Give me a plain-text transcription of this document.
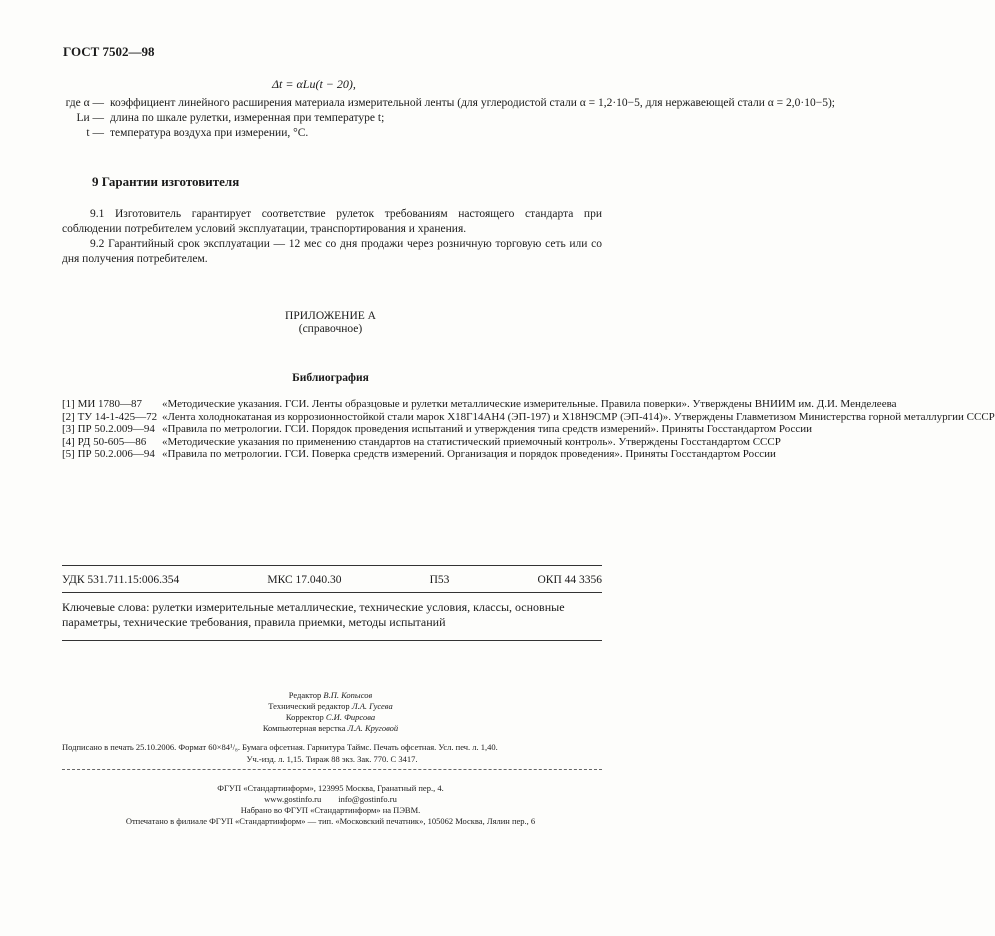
ГОСТ 7502—98
Δt = αLи(t − 20),
где α — коэффициент линейного расширения материала измерительной ленты (для углеродистой стали α = 1,2·10−5, для нержавеющей стали α = 2,0·10−5);
Lи — длина по шкале рулетки, измеренная при температуре t;
t — температура воздуха при измерении, °С.
9 Гарантии изготовителя
9.1 Изготовитель гарантирует соответствие рулеток требованиям настоящего стандарта при соблюдении потребителем условий эксплуатации, транспортирования и хранения.
9.2 Гарантийный срок эксплуатации — 12 мес со дня продажи через розничную торговую сеть или со дня получения потребителем.
ПРИЛОЖЕНИЕ А
(справочное)
Библиография
[1] МИ 1780—87	«Методические указания. ГСИ. Ленты образцовые и рулетки металлические измерительные. Правила поверки». Утверждены ВНИИМ им. Д.И. Менделеева
[2] ТУ 14-1-425—72 «Лента холоднокатаная из коррозионностойкой стали марок Х18Г14АН4 (ЭП-197) и Х18Н9СМР (ЭП-414)». Утверждены Главметизом Министерства горной металлургии СССР
[3] ПР 50.2.009—94 «Правила по метрологии. ГСИ. Порядок проведения испытаний и утверждения типа средств измерений». Приняты Госстандартом России
[4] РД 50-605—86	«Методические указания по применению стандартов на статистический приемочный контроль». Утверждены Госстандартом СССР
[5] ПР 50.2.006—94 «Правила по метрологии. ГСИ. Поверка средств измерений. Организация и порядок проведения». Приняты Госстандартом России
УДК 531.711.15:006.354	МКС 17.040.30	П53	ОКП 44 3356
Ключевые слова: рулетки измерительные металлические, технические условия, классы, основные параметры, технические требования, правила приемки, методы испытаний
Редактор В.П. Копысов
Технический редактор Л.А. Гусева
Корректор С.И. Фирсова
Компьютерная верстка Л.А. Круговой
Подписано в печать 25.10.2006. Формат 60×84¹/₈. Бумага офсетная. Гарнитура Таймс. Печать офсетная. Усл. печ. л. 1,40.
Уч.-изд. л. 1,15. Тираж 88 экз. Зак. 770. С 3417.
ФГУП «Стандартинформ», 123995 Москва, Гранатный пер., 4.
www.gostinfo.ru        info@gostinfo.ru
Набрано во ФГУП «Стандартинформ» на ПЭВМ.
Отпечатано в филиале ФГУП «Стандартинформ» — тип. «Московский печатник», 105062 Москва, Лялин пер., 6
